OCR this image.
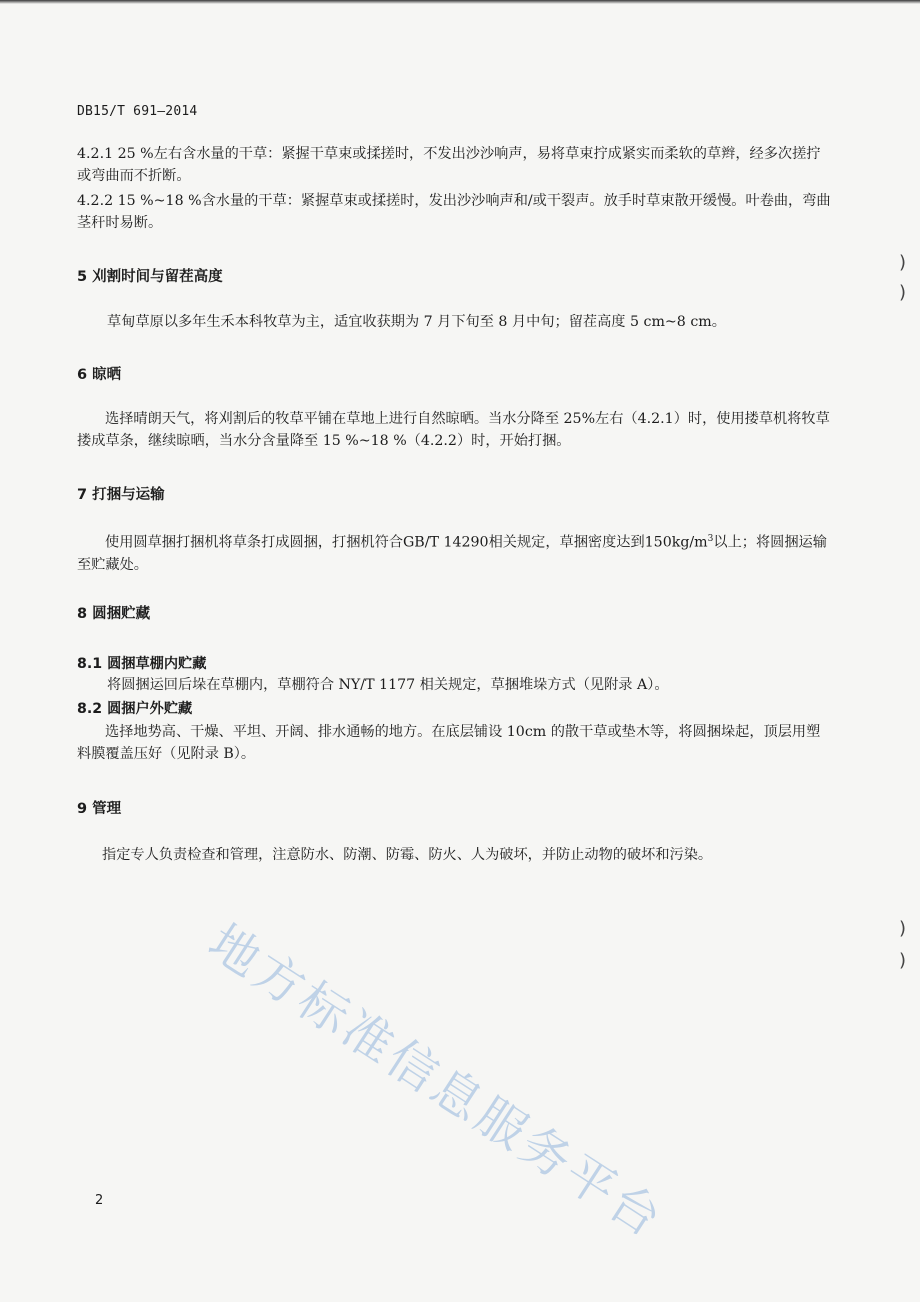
DB15/T 691—2014

4.2.1 25 %左右含水量的干草：紧握干草束或揉搓时，不发出沙沙响声，易将草束拧成紧实而柔软的草辫，经多次搓拧或弯曲而不折断。

4.2.2 15 %~18 %含水量的干草：紧握草束或揉搓时，发出沙沙响声和/或干裂声。放手时草束散开缓慢。叶卷曲，弯曲茎秆时易断。

5 刈割时间与留茬高度

草甸草原以多年生禾本科牧草为主，适宜收获期为 7 月下旬至 8 月中旬；留茬高度 5 cm~8 cm。

6 晾晒

选择晴朗天气，将刈割后的牧草平铺在草地上进行自然晾晒。当水分降至 25%左右（4.2.1）时，使用搂草机将牧草搂成草条，继续晾晒，当水分含量降至 15 %~18 %（4.2.2）时，开始打捆。

7 打捆与运输

使用圆草捆打捆机将草条打成圆捆，打捆机符合GB/T 14290相关规定，草捆密度达到$150kg/m^3$以上；将圆捆运输至贮藏处。

8 圆捆贮藏
8.1 圆捆草棚内贮藏

将圆捆运回后垛在草棚内，草棚符合 NY/T 1177 相关规定，草捆堆垛方式（见附录 A）。

8.2 圆捆户外贮藏

选择地势高、干燥、平坦、开阔、排水通畅的地方。在底层铺设 10cm 的散干草或垫木等，将圆捆垛起，顶层用塑料膜覆盖压好（见附录 B）。

9 管理

指定专人负责检查和管理，注意防水、防潮、防霉、防火、人为破坏，并防止动物的破坏和污染。

地方标准信息服务平台
)
)
)
)
2
